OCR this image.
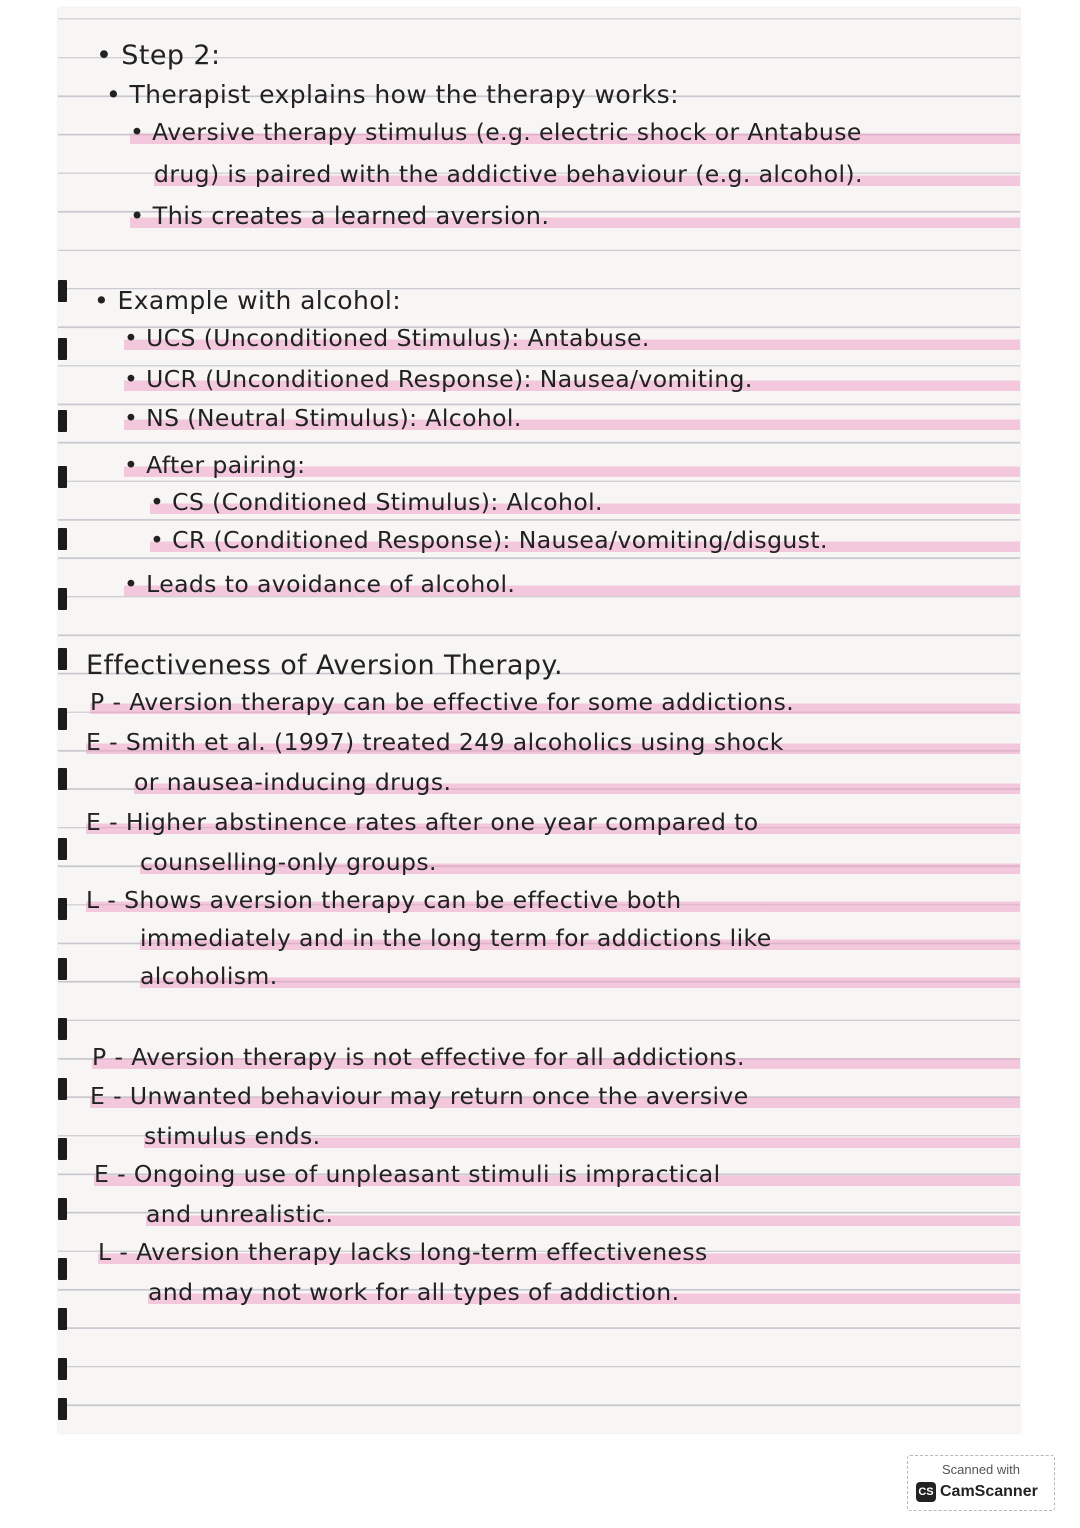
• Step 2:
• Therapist explains how the therapy works:
• Aversive therapy stimulus (e.g. electric shock or Antabuse
drug) is paired with the addictive behaviour (e.g. alcohol).
• This creates a learned aversion.
• Example with alcohol:
• UCS (Unconditioned Stimulus): Antabuse.
• UCR (Unconditioned Response): Nausea/vomiting.
• NS (Neutral Stimulus): Alcohol.
• After pairing:
• CS (Conditioned Stimulus): Alcohol.
• CR (Conditioned Response): Nausea/vomiting/disgust.
• Leads to avoidance of alcohol.
Effectiveness of Aversion Therapy.
P - Aversion therapy can be effective for some addictions.
E - Smith et al. (1997) treated 249 alcoholics using shock
or nausea-inducing drugs.
E - Higher abstinence rates after one year compared to
counselling-only groups.
L - Shows aversion therapy can be effective both
immediately and in the long term for addictions like
alcoholism.
P - Aversion therapy is not effective for all addictions.
E - Unwanted behaviour may return once the aversive
stimulus ends.
E - Ongoing use of unpleasant stimuli is impractical
and unrealistic.
L - Aversion therapy lacks long-term effectiveness
and may not work for all types of addiction.
Scanned with
CS CamScanner
